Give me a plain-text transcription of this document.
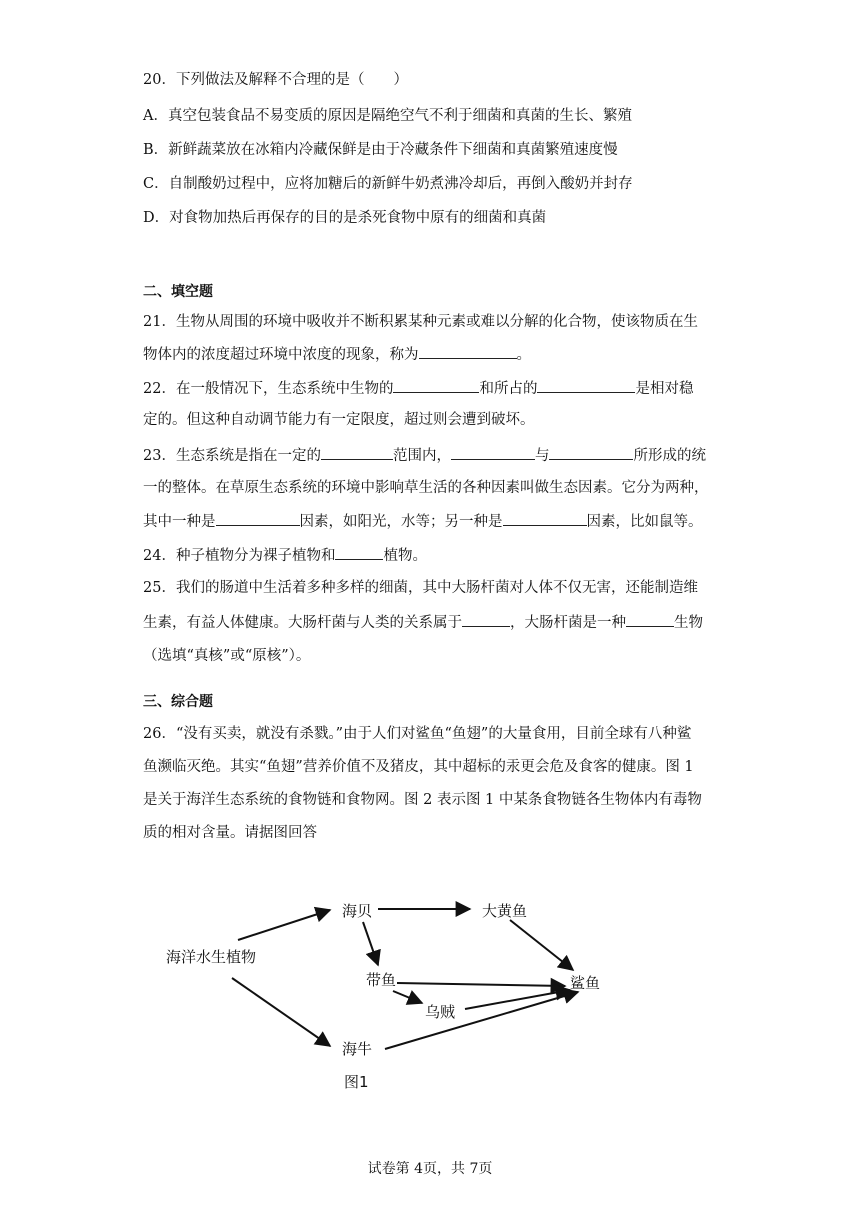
20．下列做法及解释不合理的是（　　）
A．真空包装食品不易变质的原因是隔绝空气不利于细菌和真菌的生长、繁殖
B．新鲜蔬菜放在冰箱内冷藏保鲜是由于冷藏条件下细菌和真菌繁殖速度慢
C．自制酸奶过程中，应将加糖后的新鲜牛奶煮沸冷却后，再倒入酸奶并封存
D．对食物加热后再保存的目的是杀死食物中原有的细菌和真菌
二、填空题
21．生物从周围的环境中吸收并不断积累某种元素或难以分解的化合物，使该物质在生
物体内的浓度超过环境中浓度的现象，称为	。
22．在一般情况下，生态系统中生物的	和所占的	是相对稳
定的。但这种自动调节能力有一定限度，超过则会遭到破坏。
23．生态系统是指在一定的	范围内，	与	所形成的统
一的整体。在草原生态系统的环境中影响草生活的各种因素叫做生态因素。它分为两种，
其中一种是	因素，如阳光，水等；另一种是	因素，比如鼠等。
24．种子植物分为裸子植物和	植物。
25．我们的肠道中生活着多种多样的细菌，其中大肠杆菌对人体不仅无害，还能制造维
生素，有益人体健康。大肠杆菌与人类的关系属于	，大肠杆菌是一种	生物
（选填“真核”或“原核”）。
三、综合题
26．“没有买卖，就没有杀戮。”由于人们对鲨鱼“鱼翅”的大量食用，目前全球有八种鲨
鱼濒临灭绝。其实“鱼翅”营养价值不及猪皮，其中超标的汞更会危及食客的健康。图 1
是关于海洋生态系统的食物链和食物网。图 2 表示图 1 中某条食物链各生物体内有毒物
质的相对含量。请据图回答
海洋水生植物
海贝	大黄鱼
带鱼	鲨鱼
乌贼
海牛
图1
试卷第 4页，共 7页
